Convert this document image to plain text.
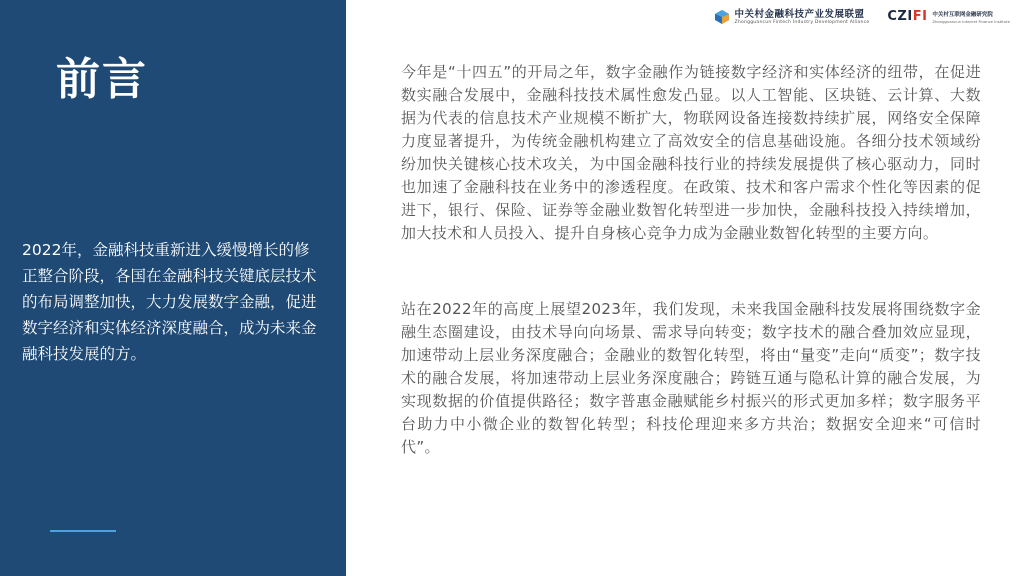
前言

2022年，金融科技重新进入缓慢增长的修正整合阶段，各国在金融科技关键底层技术的布局调整加快，大力发展数字金融，促进数字经济和实体经济深度融合，成为未来金融科技发展的方。

中关村金融科技产业发展联盟
Zhongguancun Fintech Industry Development Alliance CZIFI 中关村互联网金融研究院
Zhongguancun Internet Finance Institute

今年是“十四五”的开局之年，数字金融作为链接数字经济和实体经济的纽带，在促进数实融合发展中，金融科技技术属性愈发凸显。以人工智能、区块链、云计算、大数据为代表的信息技术产业规模不断扩大，物联网设备连接数持续扩展，网络安全保障力度显著提升，为传统金融机构建立了高效安全的信息基础设施。各细分技术领域纷纷加快关键核心技术攻关，为中国金融科技行业的持续发展提供了核心驱动力，同时也加速了金融科技在业务中的渗透程度。在政策、技术和客户需求个性化等因素的促进下，银行、保险、证券等金融业数智化转型进一步加快，金融科技投入持续增加，加大技术和人员投入、提升自身核心竞争力成为金融业数智化转型的主要方向。

站在2022年的高度上展望2023年，我们发现，未来我国金融科技发展将围绕数字金融生态圈建设，由技术导向向场景、需求导向转变；数字技术的融合叠加效应显现，加速带动上层业务深度融合；金融业的数智化转型，将由“量变”走向“质变”；数字技术的融合发展，将加速带动上层业务深度融合；跨链互通与隐私计算的融合发展，为实现数据的价值提供路径；数字普惠金融赋能乡村振兴的形式更加多样；数字服务平台助力中小微企业的数智化转型；科技伦理迎来多方共治；数据安全迎来“可信时代”。
